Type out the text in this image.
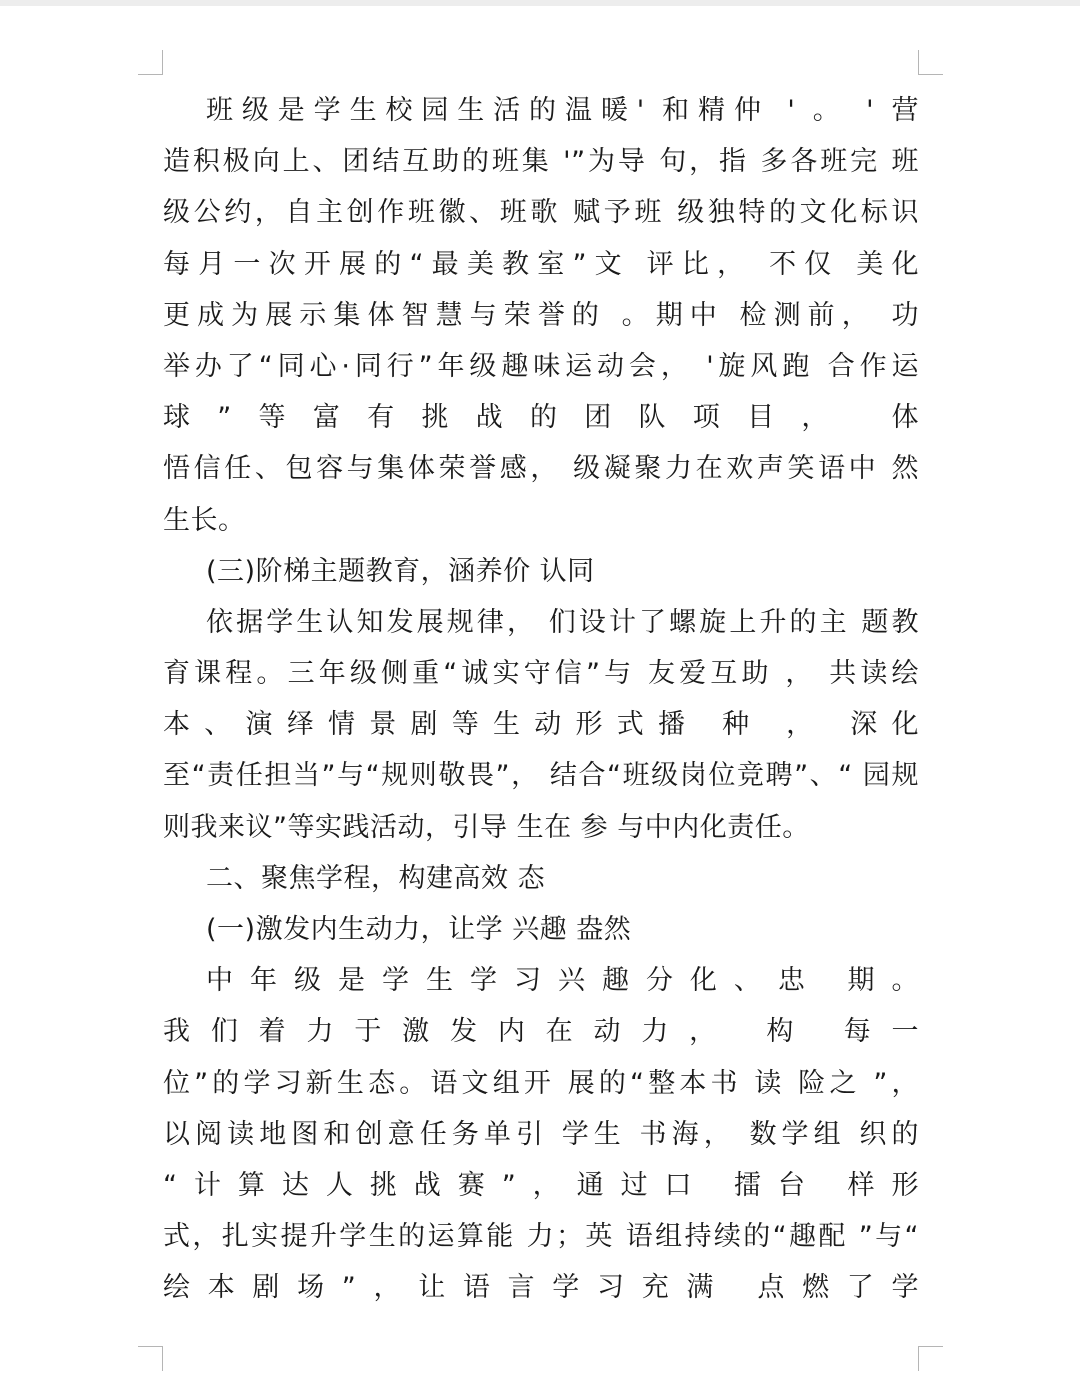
班级是学生校园生活的温暖' 和精仲 ' 。 ' 营
造积极向上、团结互助的班集 '”为导 句，指 多各班完 班
级公约，自主创作班徽、班歌 赋予班 级独特的文化标识
每月一次开展的“最美教室”文 评比， 不仅 美化
更成为展示集体智慧与荣誉的 。期中 检测前， 功
举办了“同心·同行”年级趣味运动会， '旋风跑 合作运
球”等富有挑战的团队项目， 体
悟信任、包容与集体荣誉感， 级凝聚力在欢声笑语中 然
生长。
(三)阶梯主题教育，涵养价 认同
依据学生认知发展规律， 们设计了螺旋上升的主 题教
育课程。三年级侧重“诚实守信”与 友爱互助 ， 共读绘
本、演绎情景剧等生动形式播 种 ， 深化
至“责任担当”与“规则敬畏”， 结合“班级岗位竞聘”、“ 园规
则我来议”等实践活动，引导 生在 参 与中内化责任。
二、聚焦学程，构建高效 态
(一)激发内生动力，让学 兴趣 盎然
中年级是学生学习兴趣分化、忠 期。
我们着力于激发内在动力， 构 每一
位”的学习新生态。语文组开 展的“整本书 读 险之 ”，
以阅读地图和创意任务单引 学生 书海， 数学组 织的
“计算达人挑战赛”，通过口 擂台 样形
式，扎实提升学生的运算能 力；英 语组持续的“趣配 ”与“
绘本剧场”，让语言学习充满 点燃了学
